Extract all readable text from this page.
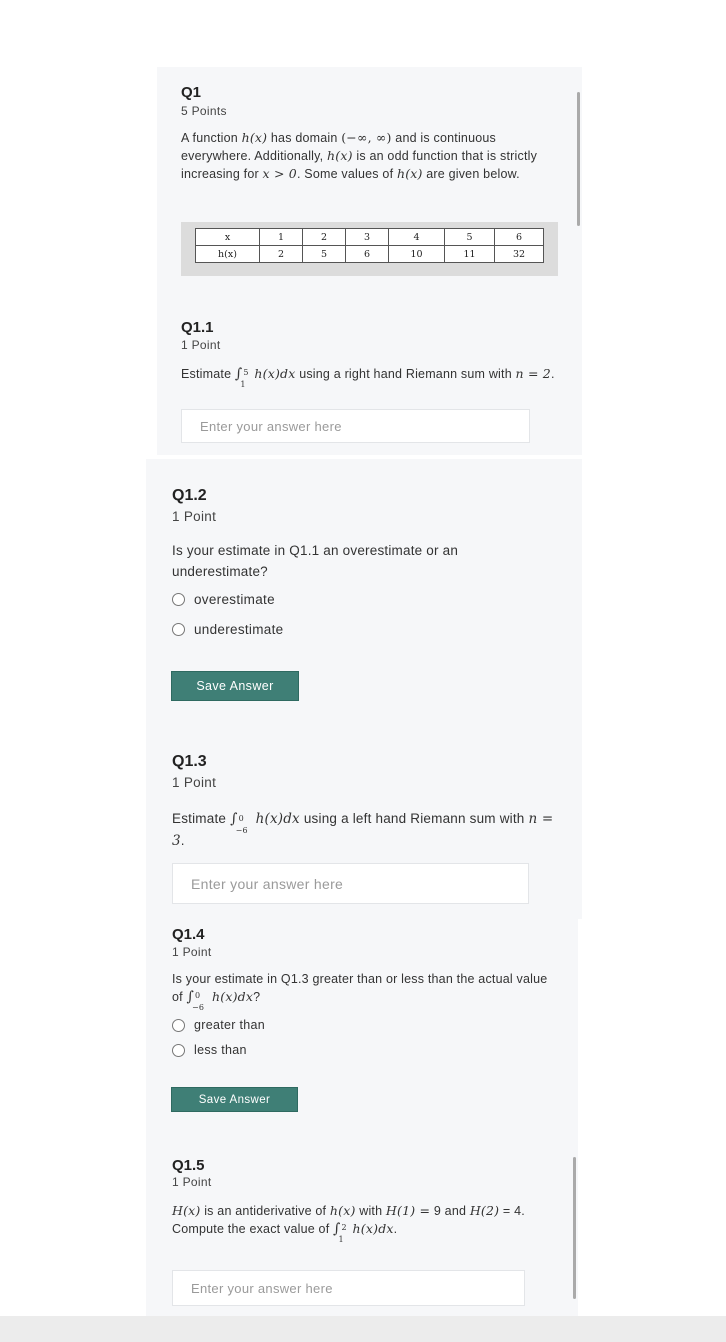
Q1
5 Points
A function h(x) has domain (−∞, ∞) and is continuous everywhere. Additionally, h(x) is an odd function that is strictly increasing for x > 0. Some values of h(x) are given below.
x	1	2	3	4	5	6
h(x)	2	5	6	10	11	32
Q1.1
1 Point
Estimate ∫ 5
1
h(x)dx using a right hand Riemann sum with n = 2.
Enter your answer here
Q1.2
1 Point
Is your estimate in Q1.1 an overestimate or an underestimate?
overestimate
underestimate
Save Answer
Q1.3
1 Point
Estimate ∫ 0
−6
h(x)dx using a left hand Riemann sum with n = 3.
Enter your answer here
Q1.4
1 Point
Is your estimate in Q1.3 greater than or less than the actual value of ∫ 0
−6
h(x)dx?
greater than
less than
Save Answer
Q1.5
1 Point
H(x) is an antiderivative of h(x) with H(1) = 9 and H(2) = 4. Compute the exact value of ∫ 2
1
h(x)dx.
Enter your answer here
